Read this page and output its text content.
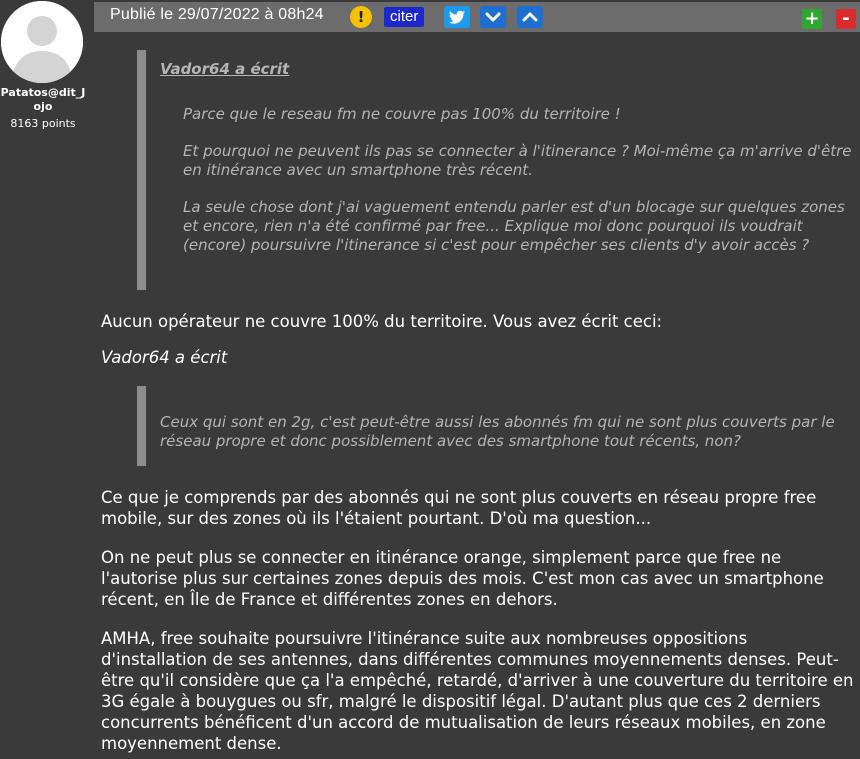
Patatos@dit_Jojo
8163 points
Publié le 29/07/2022 à 08h24	!	citer	+	-
Vador64 a écrit

Parce que le reseau fm ne couvre pas 100% du territoire !

Et pourquoi ne peuvent ils pas se connecter à l'itinerance ? Moi-même ça m'arrive d'être en itinérance avec un smartphone très récent.

La seule chose dont j'ai vaguement entendu parler est d'un blocage sur quelques zones et encore, rien n'a été confirmé par free... Explique moi donc pourquoi ils voudrait (encore) poursuivre l'itinerance si c'est pour empêcher ses clients d'y avoir accès ?

Aucun opérateur ne couvre 100% du territoire. Vous avez écrit ceci:
Vador64 a écrit
Ceux qui sont en 2g, c'est peut-être aussi les abonnés fm qui ne sont plus couverts par le réseau propre et donc possiblement avec des smartphone tout récents, non?
Ce que je comprends par des abonnés qui ne sont plus couverts en réseau propre free mobile, sur des zones où ils l'étaient pourtant. D'où ma question...
On ne peut plus se connecter en itinérance orange, simplement parce que free ne l'autorise plus sur certaines zones depuis des mois. C'est mon cas avec un smartphone récent, en Île de France et différentes zones en dehors.
AMHA, free souhaite poursuivre l'itinérance suite aux nombreuses oppositions d'installation de ses antennes, dans différentes communes moyennements denses. Peut-être qu'il considère que ça l'a empêché, retardé, d'arriver à une couverture du territoire en 3G égale à bouygues ou sfr, malgré le dispositif légal. D'autant plus que ces 2 derniers concurrents bénéficent d'un accord de mutualisation de leurs réseaux mobiles, en zone moyennement dense.
